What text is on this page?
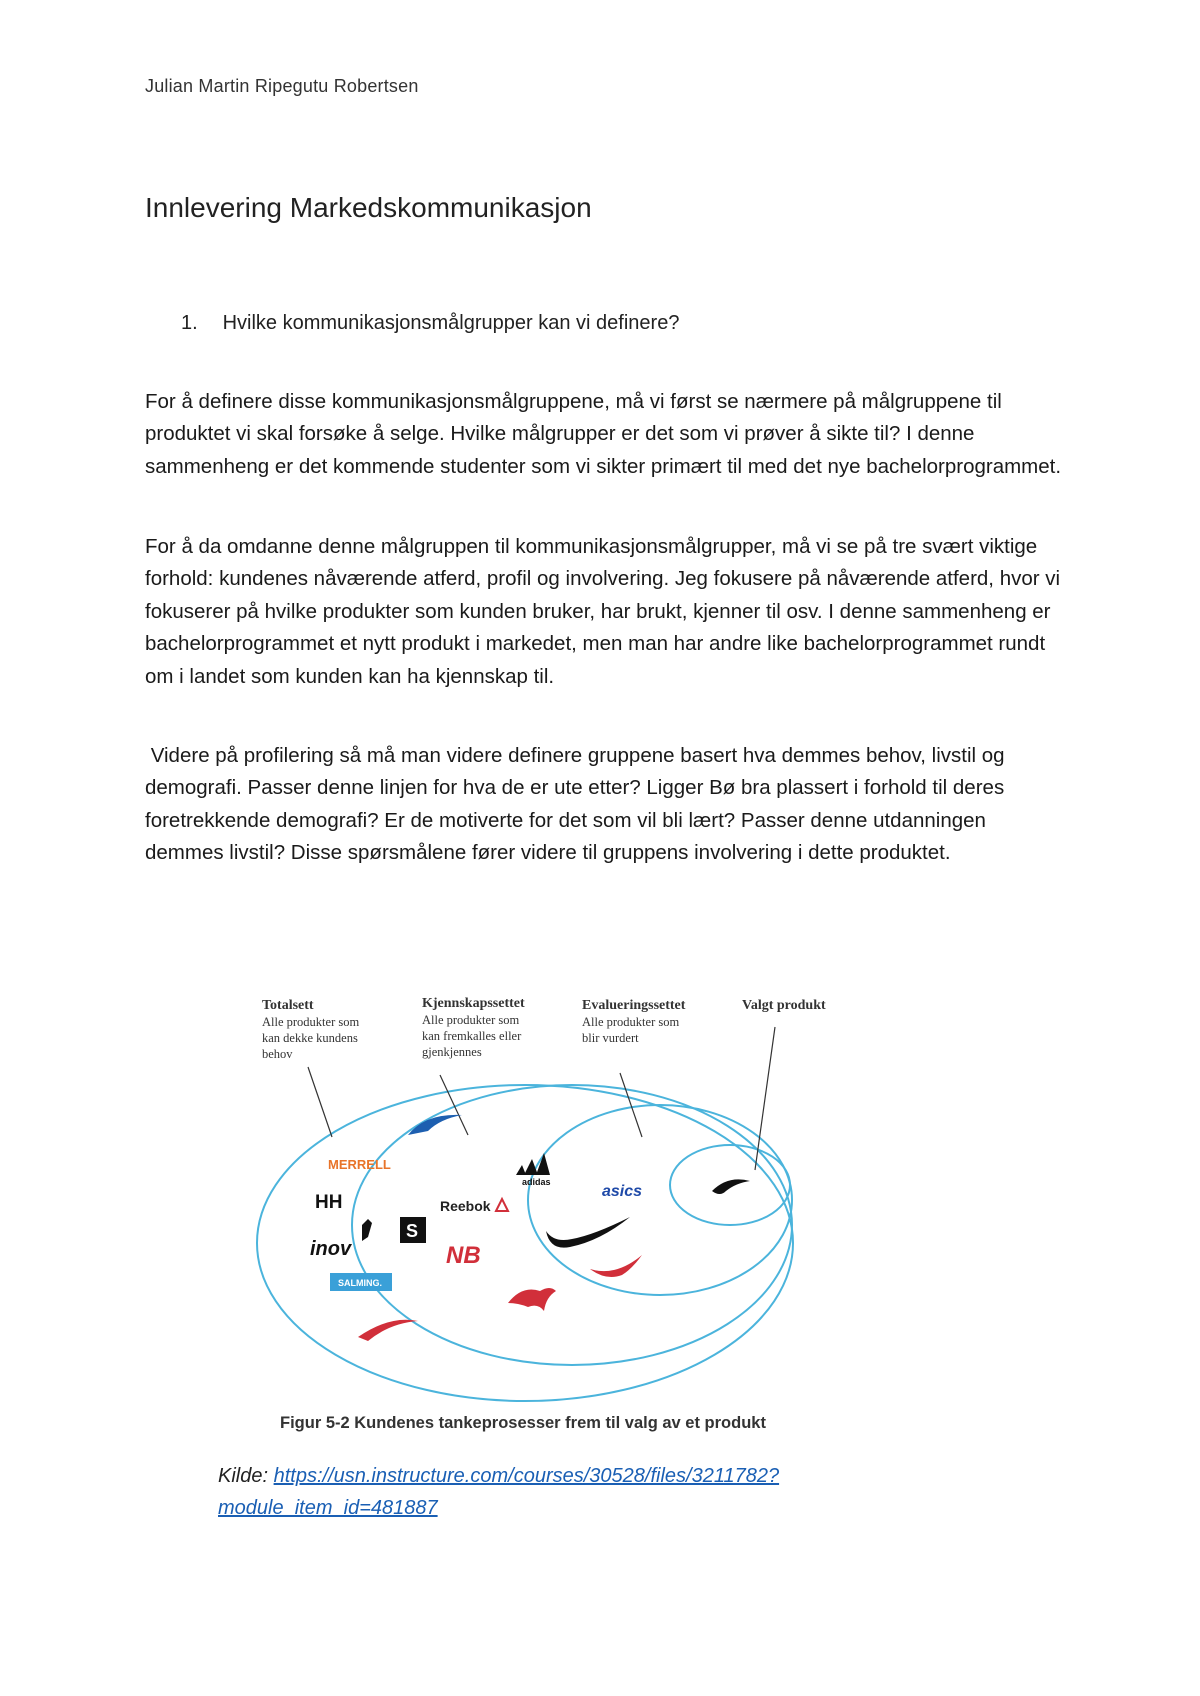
Julian Martin Ripegutu Robertsen
Innlevering Markedskommunikasjon
1. Hvilke kommunikasjonsmålgrupper kan vi definere?

For å definere disse kommunikasjonsmålgruppene, må vi først se nærmere på målgruppene til produktet vi skal forsøke å selge. Hvilke målgrupper er det som vi prøver å sikte til? I denne sammenheng er det kommende studenter som vi sikter primært til med det nye bachelorprogrammet.

For å da omdanne denne målgruppen til kommunikasjonsmålgrupper, må vi se på tre svært viktige forhold: kundenes nåværende atferd, profil og involvering. Jeg fokusere på nåværende atferd, hvor vi fokuserer på hvilke produkter som kunden bruker, har brukt, kjenner til osv. I denne sammenheng er bachelorprogrammet et nytt produkt i markedet, men man har andre like bachelorprogrammet rundt om i landet som kunden kan ha kjennskap til.

Videre på profilering så må man videre definere gruppene basert hva demmes behov, livstil og demografi. Passer denne linjen for hva de er ute etter? Ligger Bø bra plassert i forhold til deres foretrekkende demografi? Er de motiverte for det som vil bli lært? Passer denne utdanningen demmes livstil? Disse spørsmålene fører videre til gruppens involvering i dette produktet.

Totalsett
Alle produkter som
kan dekke kundens
behov
Kjennskapssettet
Alle produkter som
kan fremkalles eller
gjenkjennes
Evalueringssettet
Alle produkter som
blir vurdert
Valgt produkt
MERRELL
HH
inov
SALMING.
adidas
Reebok
S
NB
asics
Figur 5-2 Kundenes tankeprosesser frem til valg av et produkt
Kilde: https://usn.instructure.com/courses/30528/files/3211782?
module_item_id=481887
